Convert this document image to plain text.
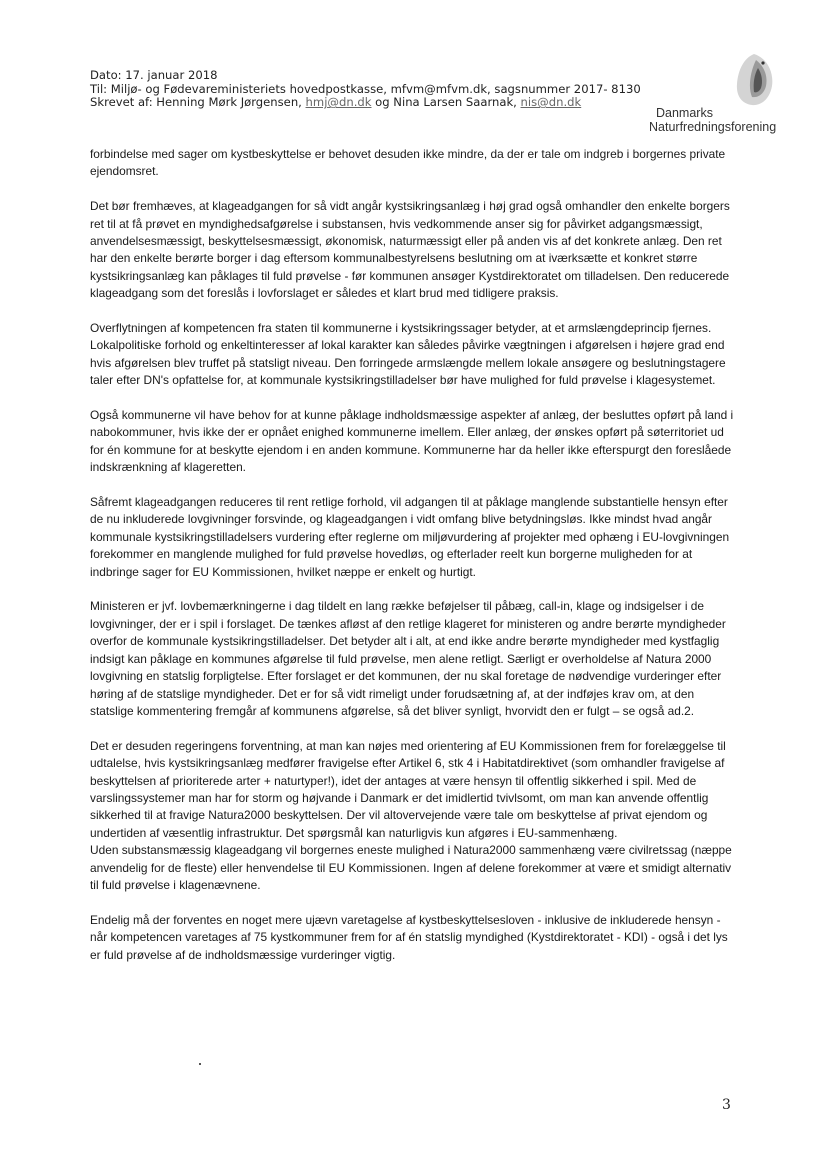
Dato: 17. januar 2018
Til: Miljø- og Fødevareministeriets hovedpostkasse, mfvm@mfvm.dk, sagsnummer 2017- 8130
Skrevet af: Henning Mørk Jørgensen, hmj@dn.dk og Nina Larsen Saarnak, nis@dn.dk
Danmarks
Naturfredningsforening

forbindelse med sager om kystbeskyttelse er behovet desuden ikke mindre, da der er tale om indgreb i borgernes private ejendomsret.

Det bør fremhæves, at klageadgangen for så vidt angår kystsikringsanlæg i høj grad også omhandler den enkelte borgers ret til at få prøvet en myndighedsafgørelse i substansen, hvis vedkommende anser sig for påvirket adgangsmæssigt, anvendelsesmæssigt, beskyttelsesmæssigt, økonomisk, naturmæssigt eller på anden vis af det konkrete anlæg. Den ret har den enkelte berørte borger i dag eftersom kommunalbestyrelsens beslutning om at iværksætte et konkret større kystsikringsanlæg kan påklages til fuld prøvelse - før kommunen ansøger Kystdirektoratet om tilladelsen. Den reducerede klageadgang som det foreslås i lovforslaget er således et klart brud med tidligere praksis.

Overflytningen af kompetencen fra staten til kommunerne i kystsikringssager betyder, at et armslængdeprincip fjernes. Lokalpolitiske forhold og enkeltinteresser af lokal karakter kan således påvirke vægtningen i afgørelsen i højere grad end hvis afgørelsen blev truffet på statsligt niveau. Den forringede armslængde mellem lokale ansøgere og beslutningstagere taler efter DN's opfattelse for, at kommunale kystsikringstilladelser bør have mulighed for fuld prøvelse i klagesystemet.

Også kommunerne vil have behov for at kunne påklage indholdsmæssige aspekter af anlæg, der besluttes opført på land i nabokommuner, hvis ikke der er opnået enighed kommunerne imellem. Eller anlæg, der ønskes opført på søterritoriet ud for én kommune for at beskytte ejendom i en anden kommune. Kommunerne har da heller ikke efterspurgt den foreslåede indskrænkning af klageretten.

Såfremt klageadgangen reduceres til rent retlige forhold, vil adgangen til at påklage manglende substantielle hensyn efter de nu inkluderede lovgivninger forsvinde, og klageadgangen i vidt omfang blive betydningsløs. Ikke mindst hvad angår kommunale kystsikringstilladelsers vurdering efter reglerne om miljøvurdering af projekter med ophæng i EU-lovgivningen forekommer en manglende mulighed for fuld prøvelse hovedløs, og efterlader reelt kun borgerne muligheden for at indbringe sager for EU Kommissionen, hvilket næppe er enkelt og hurtigt.

Ministeren er jvf. lovbemærkningerne i dag tildelt en lang række beføjelser til påbæg, call-in, klage og indsigelser i de lovgivninger, der er i spil i forslaget. De tænkes afløst af den retlige klageret for ministeren og andre berørte myndigheder overfor de kommunale kystsikringstilladelser. Det betyder alt i alt, at end ikke andre berørte myndigheder med kystfaglig indsigt kan påklage en kommunes afgørelse til fuld prøvelse, men alene retligt. Særligt er overholdelse af Natura 2000 lovgivning en statslig forpligtelse. Efter forslaget er det kommunen, der nu skal foretage de nødvendige vurderinger efter høring af de statslige myndigheder. Det er for så vidt rimeligt under forudsætning af, at der indføjes krav om, at den statslige kommentering fremgår af kommunens afgørelse, så det bliver synligt, hvorvidt den er fulgt – se også ad.2.

Det er desuden regeringens forventning, at man kan nøjes med orientering af EU Kommissionen frem for forelæggelse til udtalelse, hvis kystsikringsanlæg medfører fravigelse efter Artikel 6, stk 4 i Habitatdirektivet (som omhandler fravigelse af beskyttelsen af prioriterede arter + naturtyper!), idet der antages at være hensyn til offentlig sikkerhed i spil. Med de varslingssystemer man har for storm og højvande i Danmark er det imidlertid tvivlsomt, om man kan anvende offentlig sikkerhed til at fravige Natura2000 beskyttelsen. Der vil altovervejende være tale om beskyttelse af privat ejendom og undertiden af væsentlig infrastruktur. Det spørgsmål kan naturligvis kun afgøres i EU-sammenhæng.

Uden substansmæssig klageadgang vil borgernes eneste mulighed i Natura2000 sammenhæng være civilretssag (næppe anvendelig for de fleste) eller henvendelse til EU Kommissionen. Ingen af delene forekommer at være et smidigt alternativ til fuld prøvelse i klagenævnene.

Endelig må der forventes en noget mere ujævn varetagelse af kystbeskyttelsesloven - inklusive de inkluderede hensyn - når kompetencen varetages af 75 kystkommuner frem for af én statslig myndighed (Kystdirektoratet - KDI) - også i det lys er fuld prøvelse af de indholdsmæssige vurderinger vigtig.

3
